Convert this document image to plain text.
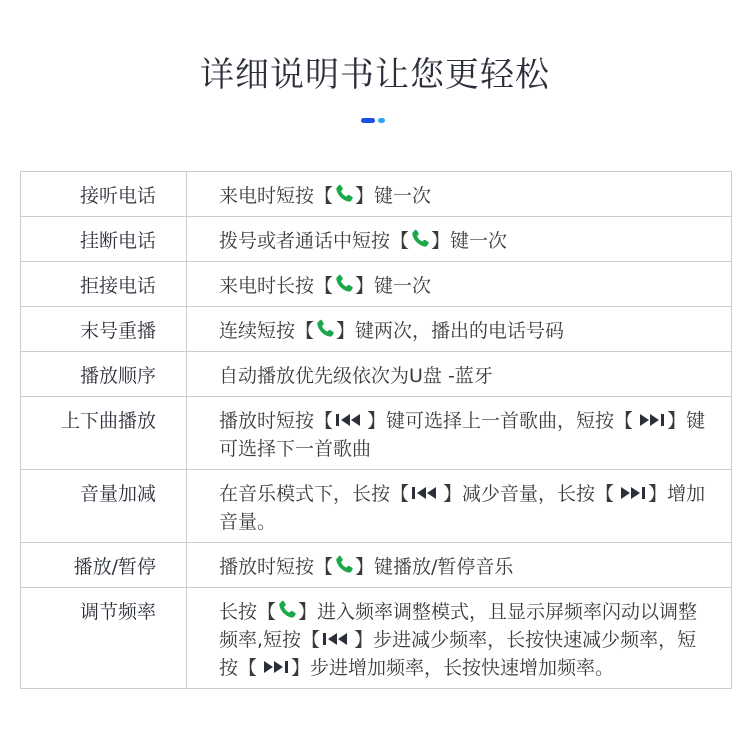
详细说明书让您更轻松
接听电话	来电时短按【 】键一次
挂断电话	拨号或者通话中短按【 】键一次
拒接电话	来电时长按【 】键一次
末号重播	连续短按【 】键两次，播出的电话号码
播放顺序	自动播放优先级依次为U盘 -蓝牙
上下曲播放	播放时短按【 】键可选择上一首歌曲，短按【 】键可选择下一首歌曲
音量加减	在音乐模式下，长按【 】减少音量，长按【 】增加音量。
播放/暂停	播放时短按【 】键播放/暂停音乐
调节频率	长按【 】进入频率调整模式，且显示屏频率闪动以调整频率,短按【 】步进减少频率，长按快速减少频率，短按【 】步进增加频率，长按快速增加频率。
